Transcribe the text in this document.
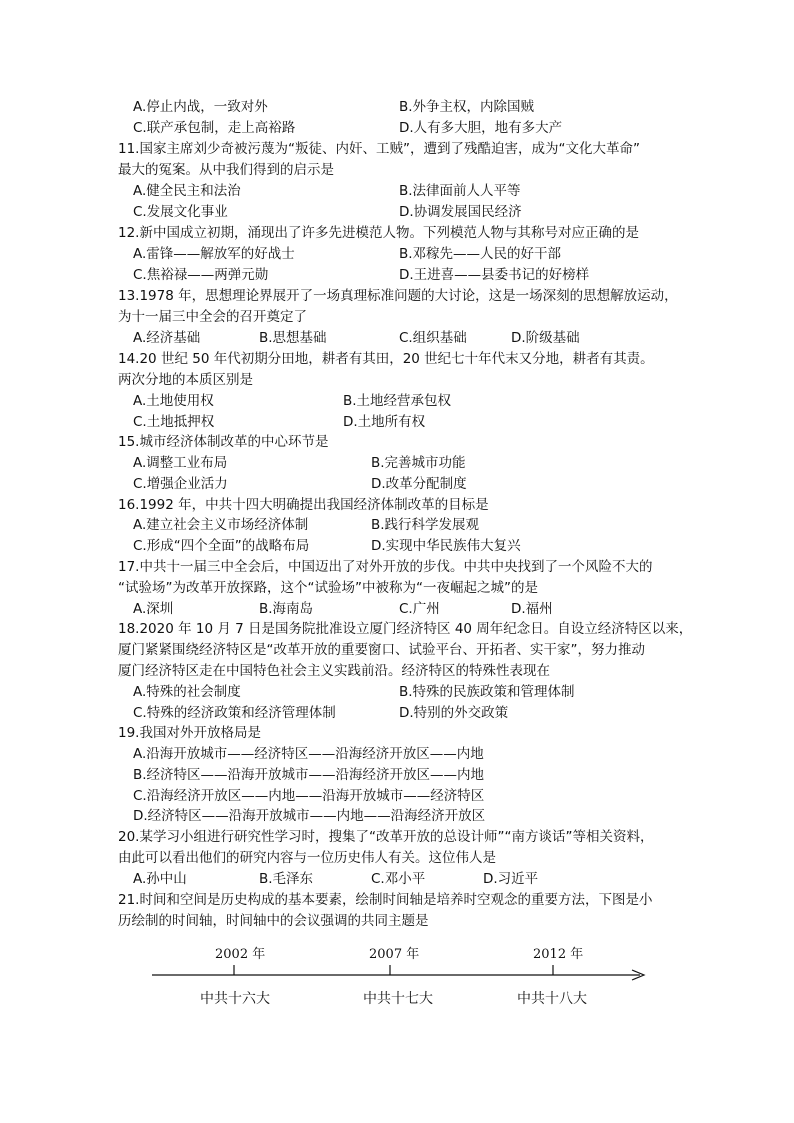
A.停止内战，一致对外	B.外争主权，内除国贼
C.联产承包制，走上高裕路	D.人有多大胆，地有多大产
11.国家主席刘少奇被污蔑为“叛徒、内奸、工贼”，遭到了残酷迫害，成为“文化大革命”
最大的冤案。从中我们得到的启示是
A.健全民主和法治	B.法律面前人人平等
C.发展文化事业	D.协调发展国民经济
12.新中国成立初期，涌现出了许多先进模范人物。下列模范人物与其称号对应正确的是
A.雷锋——解放军的好战士	B.邓稼先——人民的好干部
C.焦裕禄——两弹元勋	D.王进喜——县委书记的好榜样
13.1978 年，思想理论界展开了一场真理标准问题的大讨论，这是一场深刻的思想解放运动，
为十一届三中全会的召开奠定了
A.经济基础	B.思想基础	C.组织基础	D.阶级基础
14.20 世纪 50 年代初期分田地，耕者有其田，20 世纪七十年代末又分地，耕者有其责。
两次分地的本质区别是
A.土地使用权	B.土地经营承包权
C.土地抵押权	D.土地所有权
15.城市经济体制改革的中心环节是
A.调整工业布局	B.完善城市功能
C.增强企业活力	D.改革分配制度
16.1992 年，中共十四大明确提出我国经济体制改革的目标是
A.建立社会主义市场经济体制	B.践行科学发展观
C.形成“四个全面”的战略布局	D.实现中华民族伟大复兴
17.中共十一届三中全会后，中国迈出了对外开放的步伐。中共中央找到了一个风险不大的
“试验场”为改革开放探路，这个“试验场”中被称为“一夜崛起之城”的是
A.深圳	B.海南岛	C.广州	D.福州
18.2020 年 10 月 7 日是国务院批准设立厦门经济特区 40 周年纪念日。自设立经济特区以来，
厦门紧紧围绕经济特区是“改革开放的重要窗口、试验平台、开拓者、实干家”，努力推动
厦门经济特区走在中国特色社会主义实践前沿。经济特区的特殊性表现在
A.特殊的社会制度	B.特殊的民族政策和管理体制
C.特殊的经济政策和经济管理体制	D.特别的外交政策
19.我国对外开放格局是
A.沿海开放城市——经济特区——沿海经济开放区——内地
B.经济特区——沿海开放城市——沿海经济开放区——内地
C.沿海经济开放区——内地——沿海开放城市——经济特区
D.经济特区——沿海开放城市——内地——沿海经济开放区
20.某学习小组进行研究性学习时，搜集了“改革开放的总设计师”“南方谈话”等相关资料，
由此可以看出他们的研究内容与一位历史伟人有关。这位伟人是
A.孙中山	B.毛泽东	C.邓小平	D.习近平
21.时间和空间是历史构成的基本要素，绘制时间轴是培养时空观念的重要方法，下图是小
历绘制的时间轴，时间轴中的会议强调的共同主题是
2002 年	2007 年	2012 年
中共十六大	中共十七大	中共十八大
